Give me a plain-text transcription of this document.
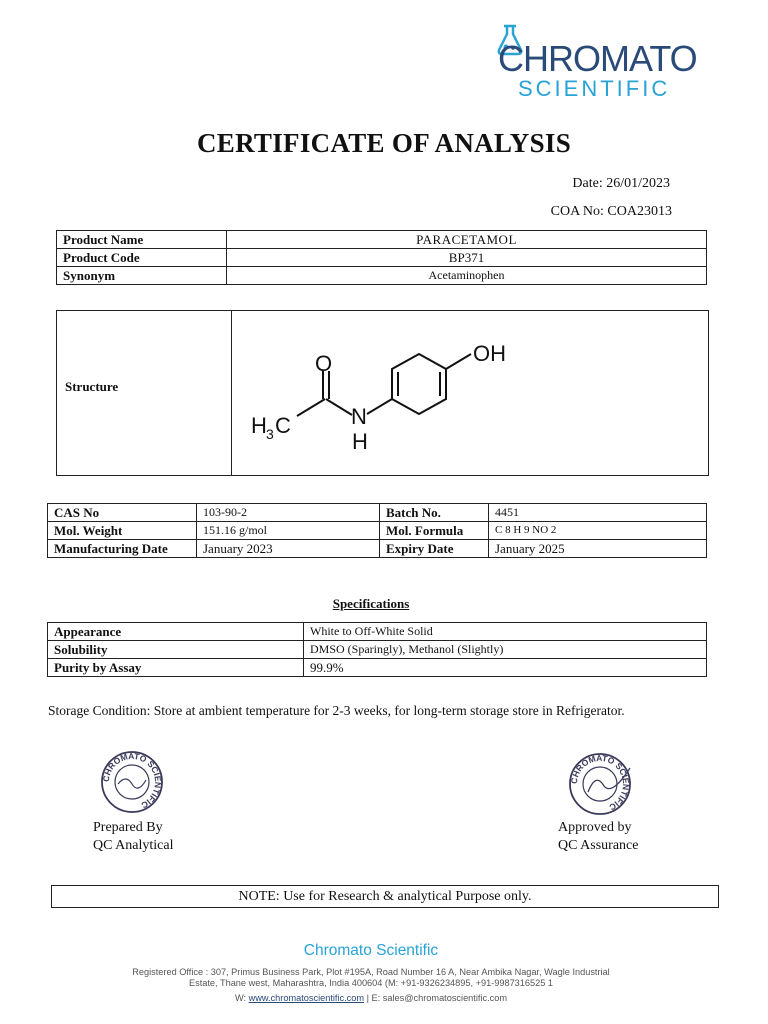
CHROMATO
SCIENTIFIC
CERTIFICATE OF ANALYSIS
Date: 26/01/2023
COA No: COA23013
Product Name	PARACETAMOL
Product Code	BP371
Synonym	Acetaminophen
Structure
O	OH
N
H
H 3 C
CAS No	103-90-2	Batch No.	4451
Mol. Weight	151.16 g/mol	Mol. Formula	C 8 H 9 NO 2
Manufacturing Date	January 2023	Expiry Date	January 2025
Specifications
Appearance	White to Off-White Solid
Solubility	DMSO (Sparingly), Methanol (Slightly)
Purity by Assay	99.9%
Storage Condition: Store at ambient temperature for 2-3 weeks, for long-term storage store in Refrigerator.
CHROMATO SCIENTIFIC
CHROMATO SCIENTIFIC
Prepared By
QC Analytical
Approved by
QC Assurance
NOTE: Use for Research & analytical Purpose only.
Chromato Scientific
Registered Office : 307, Primus Business Park, Plot #195A, Road Number 16 A, Near Ambika Nagar, Wagle Industrial
Estate, Thane west, Maharashtra, India 400604 (M: +91-9326234895, +91-9987316525 1
W: www.chromatoscientific.com | E: sales@chromatoscientific.com
